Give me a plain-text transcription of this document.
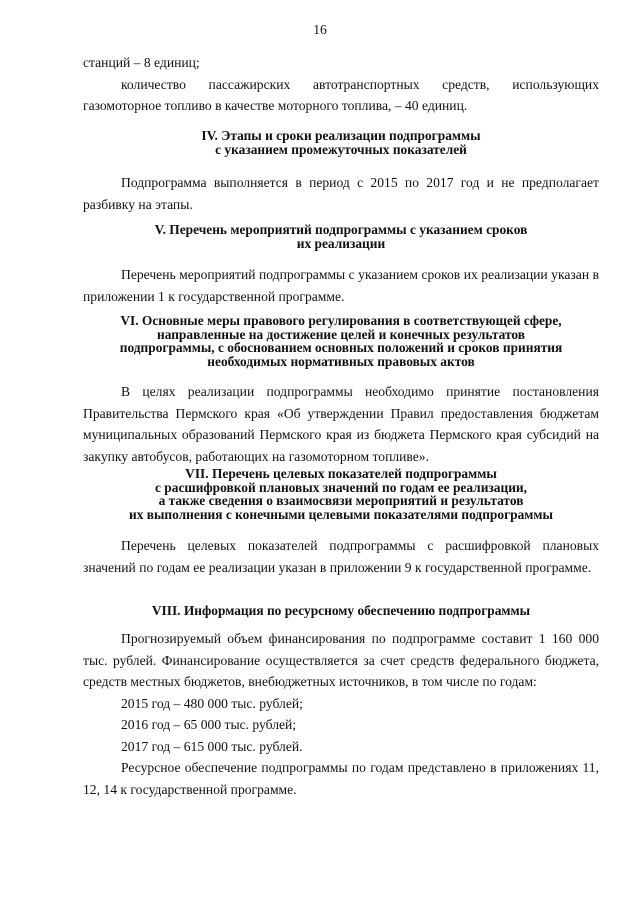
16

станций – 8 единиц;

количество пассажирских автотранспортных средств, использующих газомоторное топливо в качестве моторного топлива, – 40 единиц.

IV. Этапы и сроки реализации подпрограммы
с указанием промежуточных показателей

Подпрограмма выполняется в период с 2015 по 2017 год и не предполагает разбивку на этапы.

V. Перечень мероприятий подпрограммы с указанием сроков
их реализации

Перечень мероприятий подпрограммы с указанием сроков их реализации указан в приложении 1 к государственной программе.

VI. Основные меры правового регулирования в соответствующей сфере,
направленные на достижение целей и конечных результатов
подпрограммы, с обоснованием основных положений и сроков принятия
необходимых нормативных правовых актов

В целях реализации подпрограммы необходимо принятие постановления Правительства Пермского края «Об утверждении Правил предоставления бюджетам муниципальных образований Пермского края из бюджета Пермского края субсидий на закупку автобусов, работающих на газомоторном топливе».

VII. Перечень целевых показателей подпрограммы
с расшифровкой плановых значений по годам ее реализации,
а также сведения о взаимосвязи мероприятий и результатов
их выполнения с конечными целевыми показателями подпрограммы

Перечень целевых показателей подпрограммы с расшифровкой плановых значений по годам ее реализации указан в приложении 9 к государственной программе.

VIII. Информация по ресурсному обеспечению подпрограммы

Прогнозируемый объем финансирования по подпрограмме составит 1 160 000 тыс. рублей. Финансирование осуществляется за счет средств федерального бюджета, средств местных бюджетов, внебюджетных источников, в том числе по годам:

2015 год – 480 000 тыс. рублей;

2016 год – 65 000 тыс. рублей;

2017 год – 615 000 тыс. рублей.

Ресурсное обеспечение подпрограммы по годам представлено в приложениях 11, 12, 14 к государственной программе.
